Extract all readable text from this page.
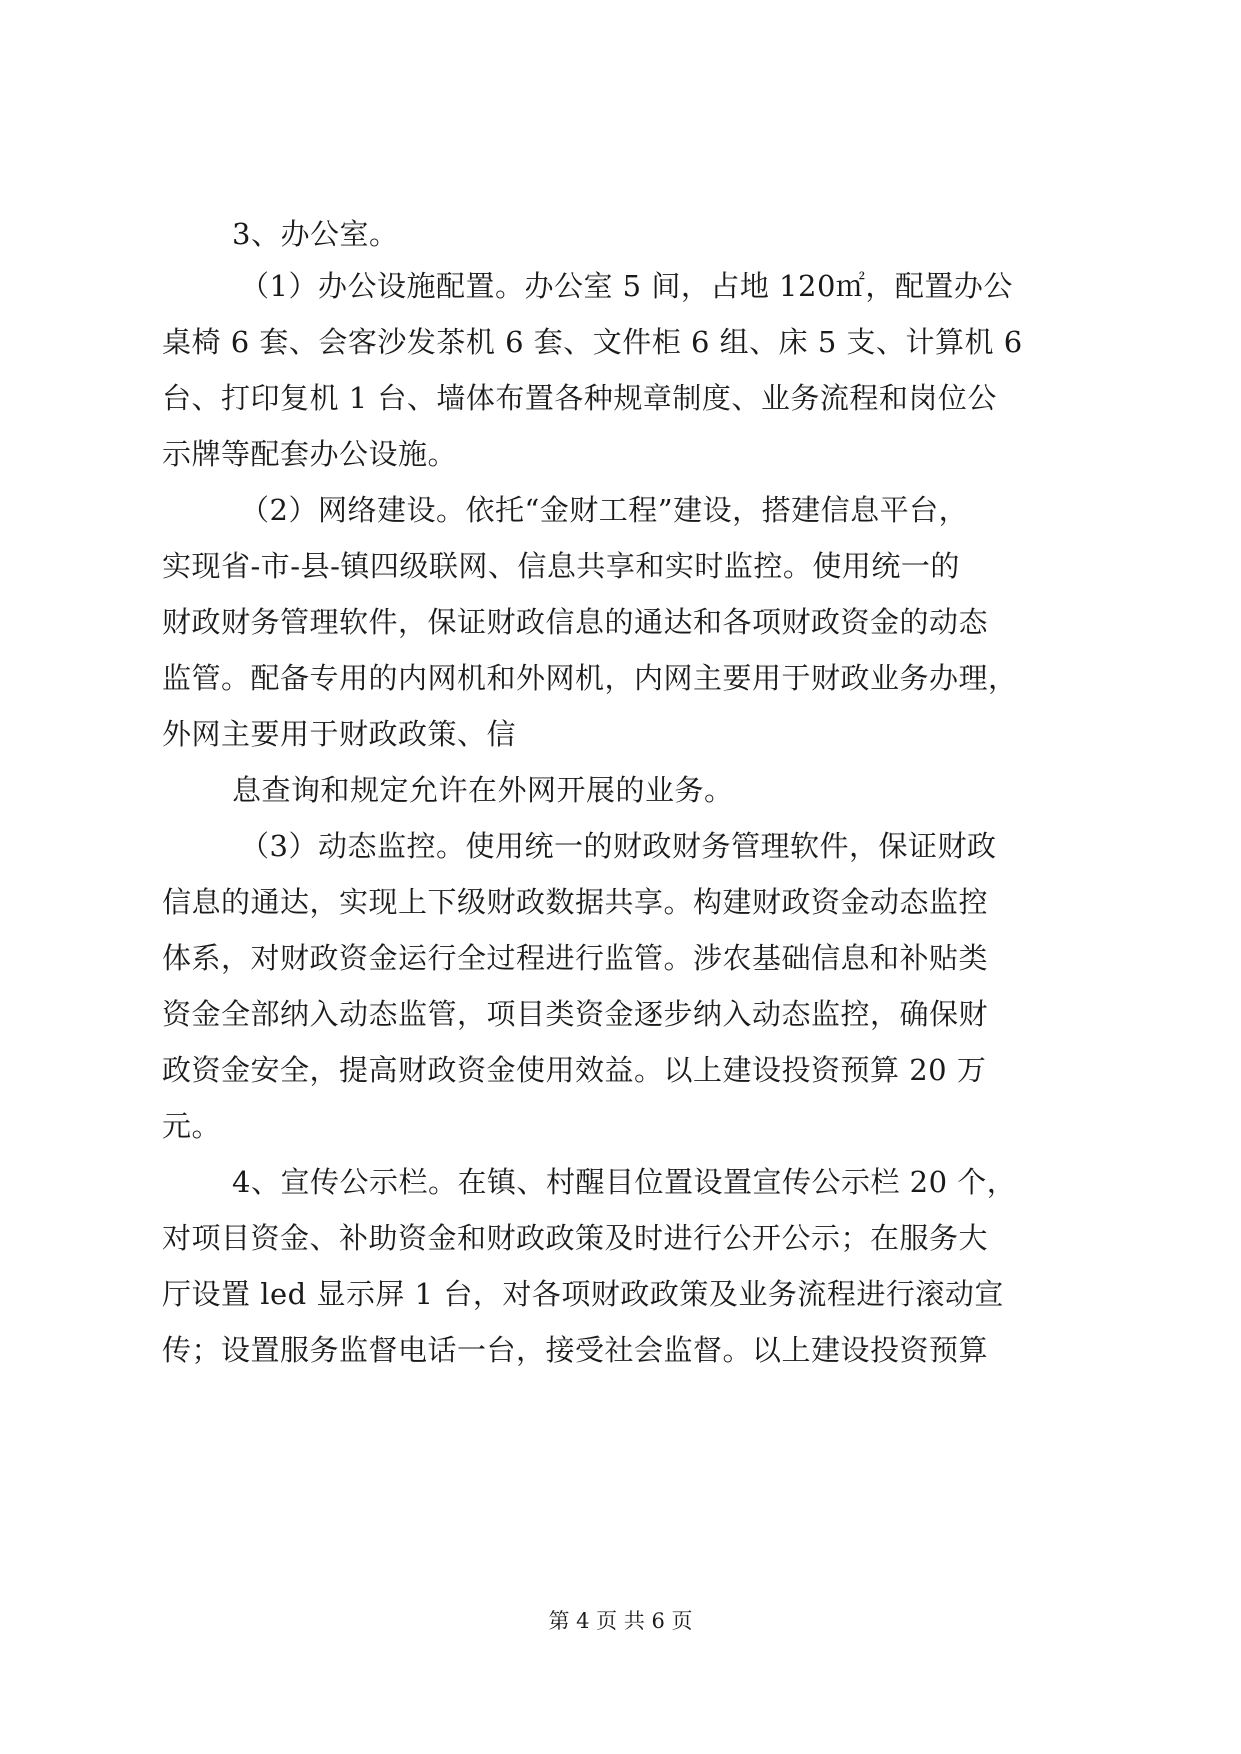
3、办公室。
（1）办公设施配置。办公室 5 间，占地 120㎡，配置办公
桌椅 6 套、会客沙发茶机 6 套、文件柜 6 组、床 5 支、计算机 6
台、打印复机 1 台、墙体布置各种规章制度、业务流程和岗位公
示牌等配套办公设施。
（2）网络建设。依托“金财工程”建设，搭建信息平台，
实现省-市-县-镇四级联网、信息共享和实时监控。使用统一的
财政财务管理软件，保证财政信息的通达和各项财政资金的动态
监管。配备专用的内网机和外网机，内网主要用于财政业务办理，
外网主要用于财政政策、信
息查询和规定允许在外网开展的业务。
（3）动态监控。使用统一的财政财务管理软件，保证财政
信息的通达，实现上下级财政数据共享。构建财政资金动态监控
体系，对财政资金运行全过程进行监管。涉农基础信息和补贴类
资金全部纳入动态监管，项目类资金逐步纳入动态监控，确保财
政资金安全，提高财政资金使用效益。以上建设投资预算 20 万
元。
4、宣传公示栏。在镇、村醒目位置设置宣传公示栏 20 个，
对项目资金、补助资金和财政政策及时进行公开公示；在服务大
厅设置 led 显示屏 1 台，对各项财政政策及业务流程进行滚动宣
传；设置服务监督电话一台，接受社会监督。以上建设投资预算
第 4 页 共 6 页
